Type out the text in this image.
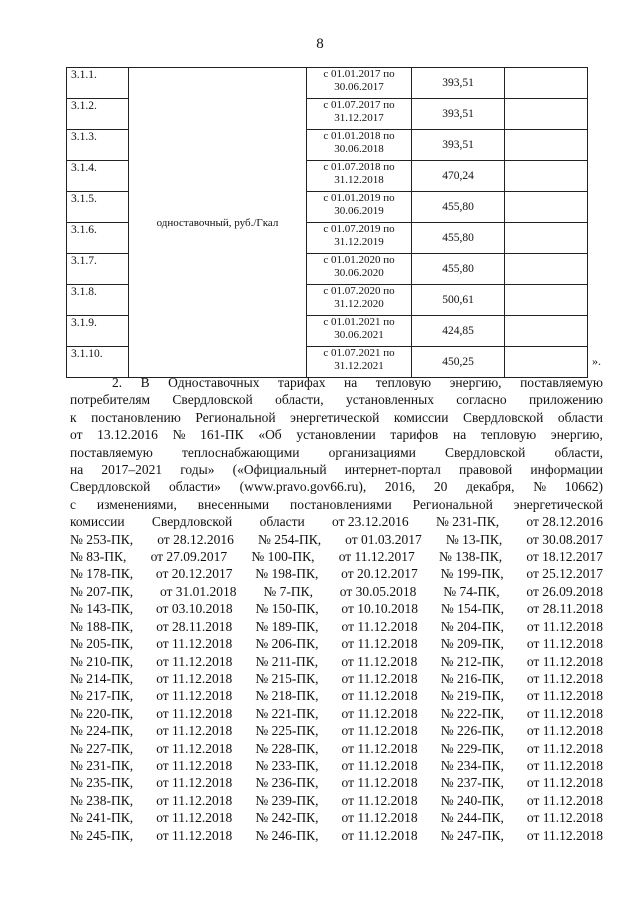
8
3.1.1.	одноставочный, руб./Гкал	с 01.01.2017 по
30.06.2017	393,51	
3.1.2.		с 01.07.2017 по
31.12.2017	393,51	
3.1.3.		с 01.01.2018 по
30.06.2018	393,51	
3.1.4.		с 01.07.2018 по
31.12.2018	470,24	
3.1.5.		с 01.01.2019 по
30.06.2019	455,80	
3.1.6.		с 01.07.2019 по
31.12.2019	455,80	
3.1.7.		с 01.01.2020 по
30.06.2020	455,80	
3.1.8.		с 01.07.2020 по
31.12.2020	500,61	
3.1.9.		с 01.01.2021 по
30.06.2021	424,85	
3.1.10.		с 01.07.2021 по
31.12.2021	450,25		».
2. В Одноставочных тарифах на тепловую энергию, поставляемую
потребителям Свердловской области, установленных согласно приложению
к постановлению Региональной энергетической комиссии Свердловской области
от 13.12.2016 № 161-ПК «Об установлении тарифов на тепловую энергию,
поставляемую теплоснабжающими организациями Свердловской области,
на 2017–2021 годы» («Официальный интернет-портал правовой информации
Свердловской области» (www.pravo.gov66.ru), 2016, 20 декабря, № 10662)
с изменениями, внесенными постановлениями Региональной энергетической
комиссии Свердловской области от 23.12.2016 № 231-ПК, от 28.12.2016
№ 253-ПК, от 28.12.2016 № 254-ПК, от 01.03.2017 № 13-ПК, от 30.08.2017
№ 83-ПК, от 27.09.2017 № 100-ПК, от 11.12.2017 № 138-ПК, от 18.12.2017
№ 178-ПК, от 20.12.2017 № 198-ПК, от 20.12.2017 № 199-ПК, от 25.12.2017
№ 207-ПК, от 31.01.2018 № 7-ПК, от 30.05.2018 № 74-ПК, от 26.09.2018
№ 143-ПК, от 03.10.2018 № 150-ПК, от 10.10.2018 № 154-ПК, от 28.11.2018
№ 188-ПК, от 28.11.2018 № 189-ПК, от 11.12.2018 № 204-ПК, от 11.12.2018
№ 205-ПК, от 11.12.2018 № 206-ПК, от 11.12.2018 № 209-ПК, от 11.12.2018
№ 210-ПК, от 11.12.2018 № 211-ПК, от 11.12.2018 № 212-ПК, от 11.12.2018
№ 214-ПК, от 11.12.2018 № 215-ПК, от 11.12.2018 № 216-ПК, от 11.12.2018
№ 217-ПК, от 11.12.2018 № 218-ПК, от 11.12.2018 № 219-ПК, от 11.12.2018
№ 220-ПК, от 11.12.2018 № 221-ПК, от 11.12.2018 № 222-ПК, от 11.12.2018
№ 224-ПК, от 11.12.2018 № 225-ПК, от 11.12.2018 № 226-ПК, от 11.12.2018
№ 227-ПК, от 11.12.2018 № 228-ПК, от 11.12.2018 № 229-ПК, от 11.12.2018
№ 231-ПК, от 11.12.2018 № 233-ПК, от 11.12.2018 № 234-ПК, от 11.12.2018
№ 235-ПК, от 11.12.2018 № 236-ПК, от 11.12.2018 № 237-ПК, от 11.12.2018
№ 238-ПК, от 11.12.2018 № 239-ПК, от 11.12.2018 № 240-ПК, от 11.12.2018
№ 241-ПК, от 11.12.2018 № 242-ПК, от 11.12.2018 № 244-ПК, от 11.12.2018
№ 245-ПК, от 11.12.2018 № 246-ПК, от 11.12.2018 № 247-ПК, от 11.12.2018
